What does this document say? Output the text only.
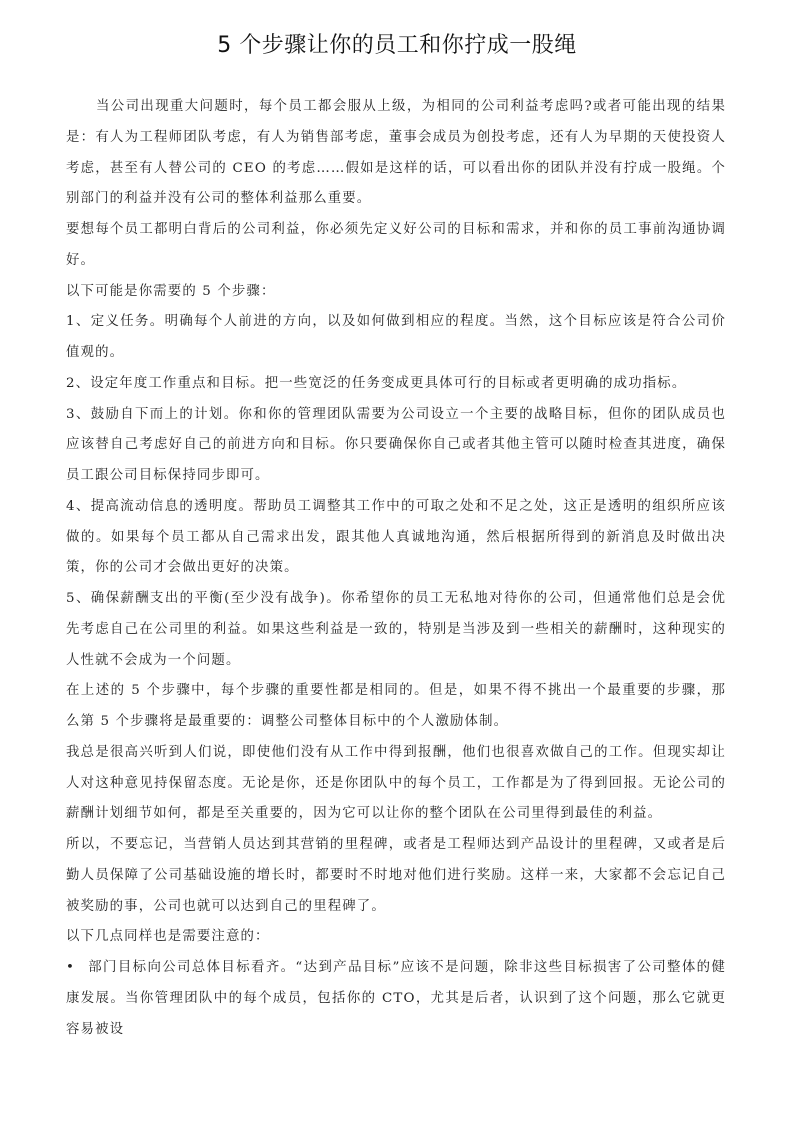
5 个步骤让你的员工和你拧成一股绳

当公司出现重大问题时，每个员工都会服从上级，为相同的公司利益考虑吗?或者可能出现的结果是：有人为工程师团队考虑，有人为销售部考虑，董事会成员为创投考虑，还有人为早期的天使投资人考虑，甚至有人替公司的 CEO 的考虑……假如是这样的话，可以看出你的团队并没有拧成一股绳。个别部门的利益并没有公司的整体利益那么重要。

要想每个员工都明白背后的公司利益，你必须先定义好公司的目标和需求，并和你的员工事前沟通协调好。

以下可能是你需要的 5 个步骤：

1、定义任务。明确每个人前进的方向，以及如何做到相应的程度。当然，这个目标应该是符合公司价值观的。

2、设定年度工作重点和目标。把一些宽泛的任务变成更具体可行的目标或者更明确的成功指标。

3、鼓励自下而上的计划。你和你的管理团队需要为公司设立一个主要的战略目标，但你的团队成员也应该替自己考虑好自己的前进方向和目标。你只要确保你自己或者其他主管可以随时检查其进度，确保员工跟公司目标保持同步即可。

4、提高流动信息的透明度。帮助员工调整其工作中的可取之处和不足之处，这正是透明的组织所应该做的。如果每个员工都从自己需求出发，跟其他人真诚地沟通，然后根据所得到的新消息及时做出决策，你的公司才会做出更好的决策。

5、确保薪酬支出的平衡(至少没有战争)。你希望你的员工无私地对待你的公司，但通常他们总是会优先考虑自己在公司里的利益。如果这些利益是一致的，特别是当涉及到一些相关的薪酬时，这种现实的人性就不会成为一个问题。

在上述的 5 个步骤中，每个步骤的重要性都是相同的。但是，如果不得不挑出一个最重要的步骤，那么第 5 个步骤将是最重要的：调整公司整体目标中的个人激励体制。

我总是很高兴听到人们说，即使他们没有从工作中得到报酬，他们也很喜欢做自己的工作。但现实却让人对这种意见持保留态度。无论是你，还是你团队中的每个员工，工作都是为了得到回报。无论公司的薪酬计划细节如何，都是至关重要的，因为它可以让你的整个团队在公司里得到最佳的利益。

所以，不要忘记，当营销人员达到其营销的里程碑，或者是工程师达到产品设计的里程碑，又或者是后勤人员保障了公司基础设施的增长时，都要时不时地对他们进行奖励。这样一来，大家都不会忘记自己被奖励的事，公司也就可以达到自己的里程碑了。

以下几点同样也是需要注意的：

• 部门目标向公司总体目标看齐。“达到产品目标”应该不是问题，除非这些目标损害了公司整体的健康发展。当你管理团队中的每个成员，包括你的 CTO，尤其是后者，认识到了这个问题，那么它就更容易被设
